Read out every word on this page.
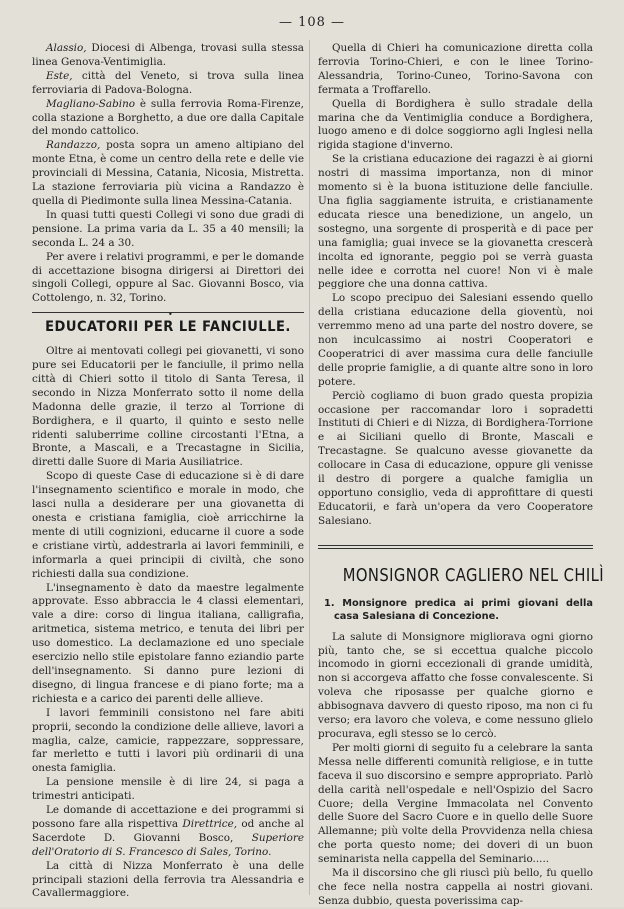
— 108 —

Alassio, Diocesi di Albenga, trovasi sulla stessa linea Genova-Ventimiglia.

Este, città del Veneto, si trova sulla linea ferroviaria di Padova-Bologna.

Magliano-Sabino è sulla ferrovia Roma-Firenze, colla stazione a Borghetto, a due ore dalla Capitale del mondo cattolico.

Randazzo, posta sopra un ameno altipiano del monte Etna, è come un centro della rete e delle vie provinciali di Messina, Catania, Nicosia, Mistretta. La stazione ferroviaria più vicina a Randazzo è quella di Piedimonte sulla linea Messina-Catania.

In quasi tutti questi Collegi vi sono due gradi di pensione. La prima varia da L. 35 a 40 mensili; la seconda L. 24 a 30.

Per avere i relativi programmi, e per le domande di accettazione bisogna dirigersi ai Direttori dei singoli Collegi, oppure al Sac. Giovanni Bosco, via Cottolengo, n. 32, Torino.

•
EDUCATORII PER LE FANCIULLE.

Oltre ai mentovati collegi pei giovanetti, vi sono pure sei Educatorii per le fanciulle, il primo nella città di Chieri sotto il titolo di Santa Teresa, il secondo in Nizza Monferrato sotto il nome della Madonna delle grazie, il terzo al Torrione di Bordighera, e il quarto, il quinto e sesto nelle ridenti saluberrime colline circostanti l'Etna, a Bronte, a Mascali, e a Trecastagne in Sicilia, diretti dalle Suore di Maria Ausiliatrice.

Scopo di queste Case di educazione si è di dare l'insegnamento scientifico e morale in modo, che lasci nulla a desiderare per una giovanetta di onesta e cristiana famiglia, cioè arricchirne la mente di utili cognizioni, educarne il cuore a sode e cristiane virtù, addestrarla ai lavori femminili, e informarla a quei principii di civiltà, che sono richiesti dalla sua condizione.

L'insegnamento è dato da maestre legalmente approvate. Esso abbraccia le 4 classi elementari, vale a dire: corso di lingua italiana, calligrafia, aritmetica, sistema metrico, e tenuta dei libri per uso domestico. La declamazione ed uno speciale esercizio nello stile epistolare fanno eziandio parte dell'insegnamento. Si danno pure lezioni di disegno, di lingua francese e di piano forte; ma a richiesta e a carico dei parenti delle allieve.

I lavori femminili consistono nel fare abiti proprii, secondo la condizione delle allieve, lavori a maglia, calze, camicie, rappezzare, soppressare, far merletto e tutti i lavori più ordinarii di una onesta famiglia.

La pensione mensile è di lire 24, si paga a trimestri anticipati.

Le domande di accettazione e dei programmi si possono fare alla rispettiva Direttrice, od anche al Sacerdote D. Giovanni Bosco, Superiore dell'Oratorio di S. Francesco di Sales, Torino.

La città di Nizza Monferrato è una delle principali stazioni della ferrovia tra Alessandria e Cavallermaggiore.

Quella di Chieri ha comunicazione diretta colla ferrovia Torino-Chieri, e con le linee Torino-Alessandria, Torino-Cuneo, Torino-Savona con fermata a Troffarello.

Quella di Bordighera è sullo stradale della marina che da Ventimiglia conduce a Bordighera, luogo ameno e di dolce soggiorno agli Inglesi nella rigida stagione d'inverno.

Se la cristiana educazione dei ragazzi è ai giorni nostri di massima importanza, non di minor momento si è la buona istituzione delle fanciulle. Una figlia saggiamente istruita, e cristianamente educata riesce una benedizione, un angelo, un sostegno, una sorgente di prosperità e di pace per una famiglia; guai invece se la giovanetta crescerà incolta ed ignorante, peggio poi se verrà guasta nelle idee e corrotta nel cuore! Non vi è male peggiore che una donna cattiva.

Lo scopo precipuo dei Salesiani essendo quello della cristiana educazione della gioventù, noi verremmo meno ad una parte del nostro dovere, se non inculcassimo ai nostri Cooperatori e Cooperatrici di aver massima cura delle fanciulle delle proprie famiglie, a di quante altre sono in loro potere.

Perciò cogliamo di buon grado questa propizia occasione per raccomandar loro i sopradetti Instituti di Chieri e di Nizza, di Bordighera-Torrione e ai Siciliani quello di Bronte, Mascali e Trecastagne. Se qualcuno avesse giovanette da collocare in Casa di educazione, oppure gli venisse il destro di porgere a qualche famiglia un opportuno consiglio, veda di approfittare di questi Educatorii, e farà un'opera da vero Cooperatore Salesiano.

MONSIGNOR CAGLIERO NEL CHILÌ
1. Monsignore predica ai primi giovani della casa Salesiana di Concezione.

La salute di Monsignore migliorava ogni giorno più, tanto che, se si eccettua qualche piccolo incomodo in giorni eccezionali di grande umidità, non si accorgeva affatto che fosse convalescente. Si voleva che riposasse per qualche giorno e abbisognava davvero di questo riposo, ma non ci fu verso; era lavoro che voleva, e come nessuno glielo procurava, egli stesso se lo cercò.

Per molti giorni di seguito fu a celebrare la santa Messa nelle differenti comunità religiose, e in tutte faceva il suo discorsino e sempre appropriato. Parlò della carità nell'ospedale e nell'Ospizio del Sacro Cuore; della Vergine Immacolata nel Convento delle Suore del Sacro Cuore e in quello delle Suore Allemanne; più volte della Provvidenza nella chiesa che porta questo nome; dei doveri di un buon seminarista nella cappella del Seminario.....

Ma il discorsino che gli riuscì più bello, fu quello che fece nella nostra cappella ai nostri giovani. Senza dubbio, questa poverissima cap-
